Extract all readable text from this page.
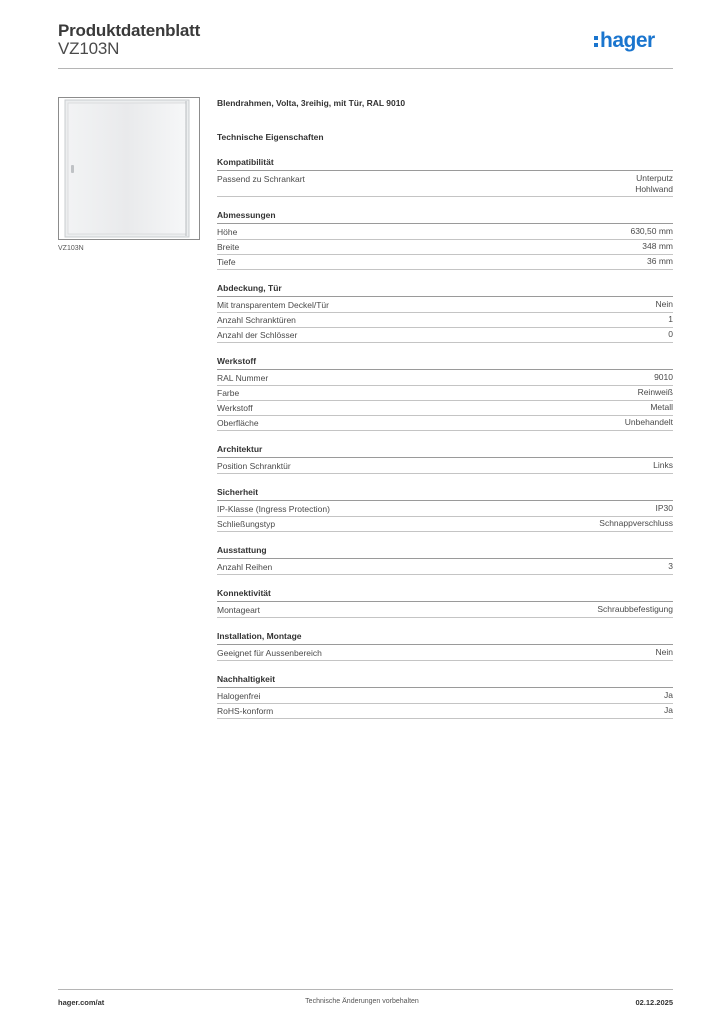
Produktdatenblatt
VZ103N	hager
VZ103N
Blendrahmen, Volta, 3reihig, mit Tür, RAL 9010
Technische Eigenschaften
Kompatibilität
Passend zu Schrankart	Unterputz
Hohlwand
Abmessungen
Höhe	630,50 mm
Breite	348 mm
Tiefe	36 mm
Abdeckung, Tür
Mit transparentem Deckel/Tür	Nein
Anzahl Schranktüren	1
Anzahl der Schlösser	0
Werkstoff
RAL Nummer	9010
Farbe	Reinweiß
Werkstoff	Metall
Oberfläche	Unbehandelt
Architektur
Position Schranktür	Links
Sicherheit
IP-Klasse (Ingress Protection)	IP30
Schließungstyp	Schnappverschluss
Ausstattung
Anzahl Reihen	3
Konnektivität
Montageart	Schraubbefestigung
Installation, Montage
Geeignet für Aussenbereich	Nein
Nachhaltigkeit
Halogenfrei	Ja
RoHS-konform	Ja
hager.com/at	Technische Änderungen vorbehalten	02.12.2025
